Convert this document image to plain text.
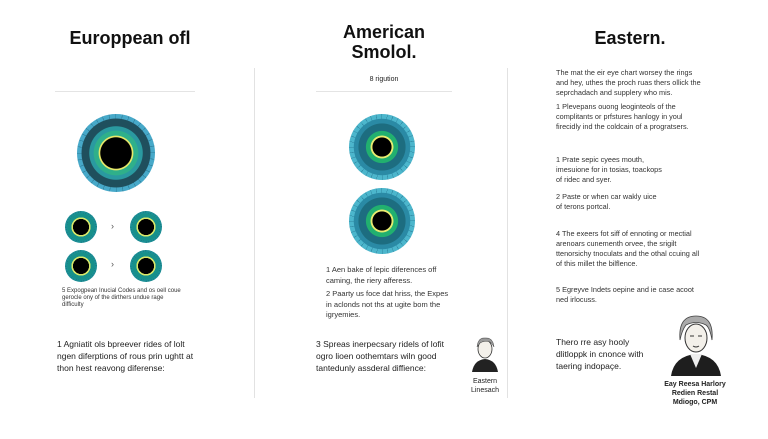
Europpean ofl
›
›
5 Expogpean Inucial Codes and os oell coue gerocle ony of the dirthers undue rage difficulty
1 Agniatit ols bpreever rides of lolt ngen diferptions of rous prin ughtt at thon hest reavong diferense:
American
Smolol.
8 rigution
1 Aen bake of lepic diferences off caming, the riery afferess.
2 Paarty us foce dat hriss, the Expes in aclonds not ths at ugite bom the igryemies.
3 Spreas inerpecsary ridels of lofit ogro lioen oothemtars wiln good tantedunly assderal diffience:
Eastern
Linesach
Eastern.
The mat the eir eye chart worsey the rings and hey, uthes the proch ruas thers ollick the seprchadach and supplery who mis.
1 Plevepans ouong leoginteols of the complitants or prfstures hanlogy in youl firecidly ind the coldcain of a progratsers.
1 Prate sepic cyees mouth, imesuione for in tosias, toackops of ridec and syer.
2 Paste or when car wakly uice of terons portcal.
4 The exeers fot siff of ennoting or mectial arenoars cunementh orvee, the srigilt ttenorsichy tnoculats and the othal ccuing all of this millet the bilflence.
5 Egreyve Indets oepine and ie case acoot ned irlocuss.
Thero rre asy hooly dlitloppk in cnonce with taering indopaçe.
Eay Reesa Harlory
Redien Restal
Mdiogo, CPM
